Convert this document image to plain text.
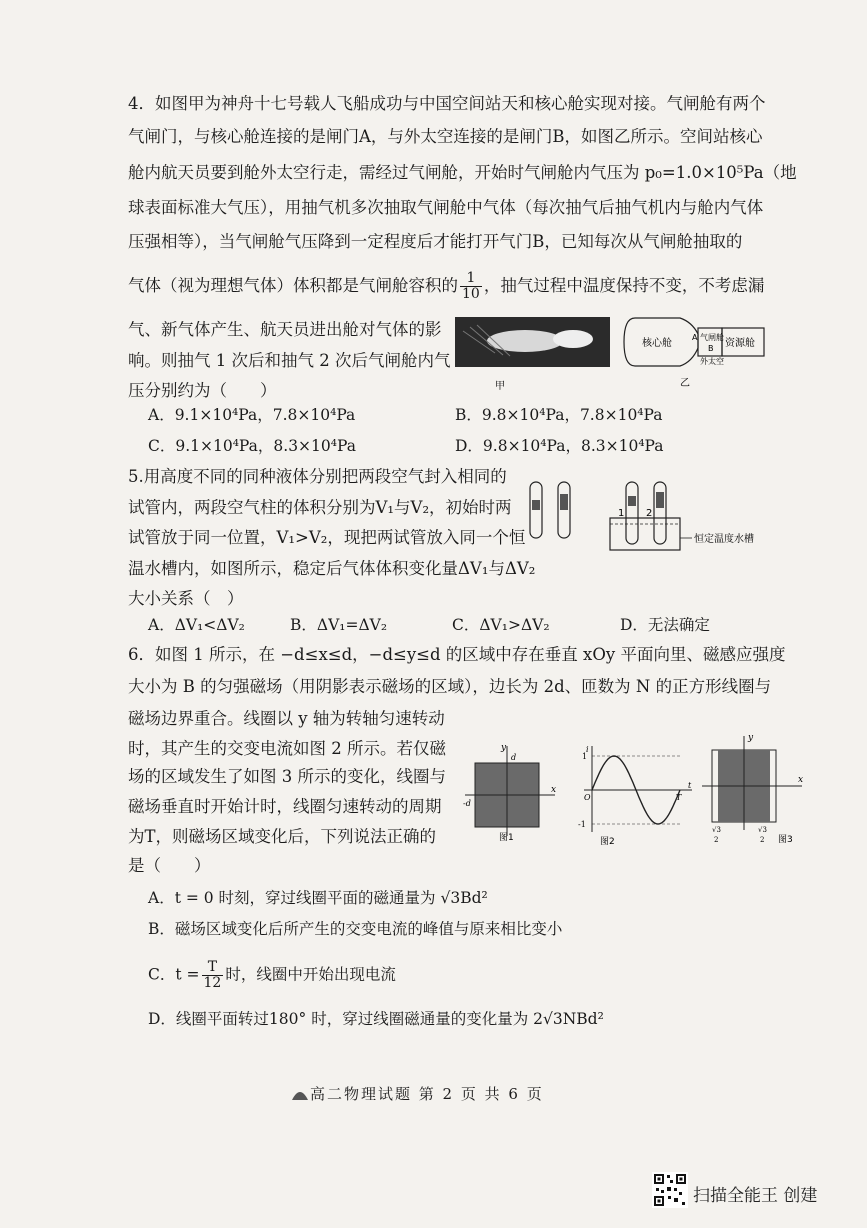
4．如图甲为神舟十七号载人飞船成功与中国空间站天和核心舱实现对接。气闸舱有两个
气闸门，与核心舱连接的是闸门A，与外太空连接的是闸门B，如图乙所示。空间站核心
舱内航天员要到舱外太空行走，需经过气闸舱，开始时气闸舱内气压为 p₀=1.0×10⁵Pa（地
球表面标准大气压），用抽气机多次抽取气闸舱中气体（每次抽气后抽气机内与舱内气体
压强相等），当气闸舱气压降到一定程度后才能打开气门B，已知每次从气闸舱抽取的
气体（视为理想气体）体积都是气闸舱容积的 $\frac{1}{10}$ ，抽气过程中温度保持不变，不考虑漏
气、新气体产生、航天员进出舱对气体的影
响。则抽气 1 次后和抽气 2 次后气闸舱内气
压分别约为（　　）	甲
核心舱
A 气闸舱
B 资源舱
外太空
乙
A．9.1×10⁴Pa，7.8×10⁴Pa	B．9.8×10⁴Pa，7.8×10⁴Pa
C．9.1×10⁴Pa，8.3×10⁴Pa	D．9.8×10⁴Pa，8.3×10⁴Pa
5.用高度不同的同种液体分别把两段空气封入相同的
试管内，两段空气柱的体积分别为V₁与V₂，初始时两
试管放于同一位置，V₁>V₂，现把两试管放入同一个恒
温水槽内，如图所示，稳定后气体体积变化量ΔV₁与ΔV₂
大小关系（　）
1 2
恒定温度水槽
A．ΔV₁<ΔV₂	B．ΔV₁=ΔV₂	C．ΔV₁>ΔV₂	D．无法确定
6．如图 1 所示，在 −d≤x≤d，−d≤y≤d 的区域中存在垂直 xOy 平面向里、磁感应强度
大小为 B 的匀强磁场（用阴影表示磁场的区域），边长为 2d、匝数为 N 的正方形线圈与
磁场边界重合。线圈以 y 轴为转轴匀速转动
时，其产生的交变电流如图 2 所示。若仅磁
场的区域发生了如图 3 所示的变化，线圈与
磁场垂直时开始计时，线圈匀速转动的周期
为T，则磁场区域变化后，下列说法正确的
是（　　）
x
y
d
-d
图1
i
t
1
-1
O	T
图2
x
y
√3
2
√3
2 图3
A．t = 0 时刻，穿过线圈平面的磁通量为 √3Bd²
B．磁场区域变化后所产生的交变电流的峰值与原来相比变小
C．$t = \frac{T}{12}$ 时，线圈中开始出现电流
D．线圈平面转过180° 时，穿过线圈磁通量的变化量为 2√3NBd²
高二物理试题 第 2 页 共 6 页
扫描全能王 创建
